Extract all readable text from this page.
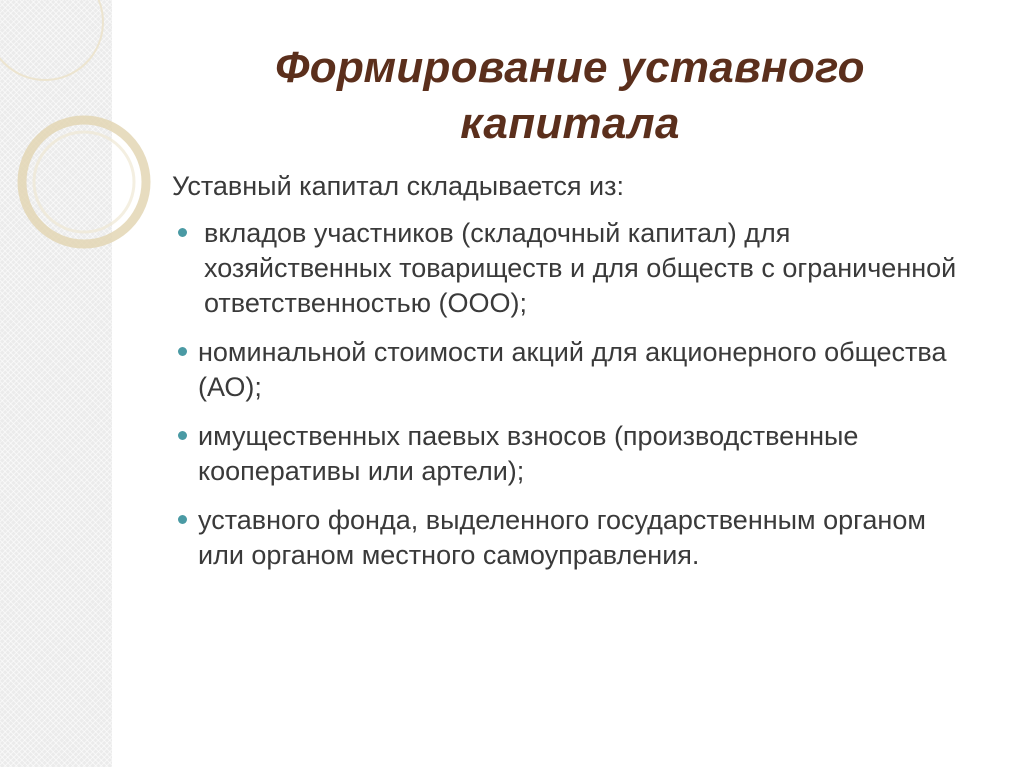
Формирование уставного
капитала

Уставный капитал складывается из:

вкладов участников (складочный капитал) для хозяйственных товариществ и для обществ с ограниченной ответственностью (ООО);
номинальной стоимости акций для акционерного общества (АО);
имущественных паевых взносов (производственные кооперативы или артели);
уставного фонда, выделенного государственным органом или органом местного самоуправления.
